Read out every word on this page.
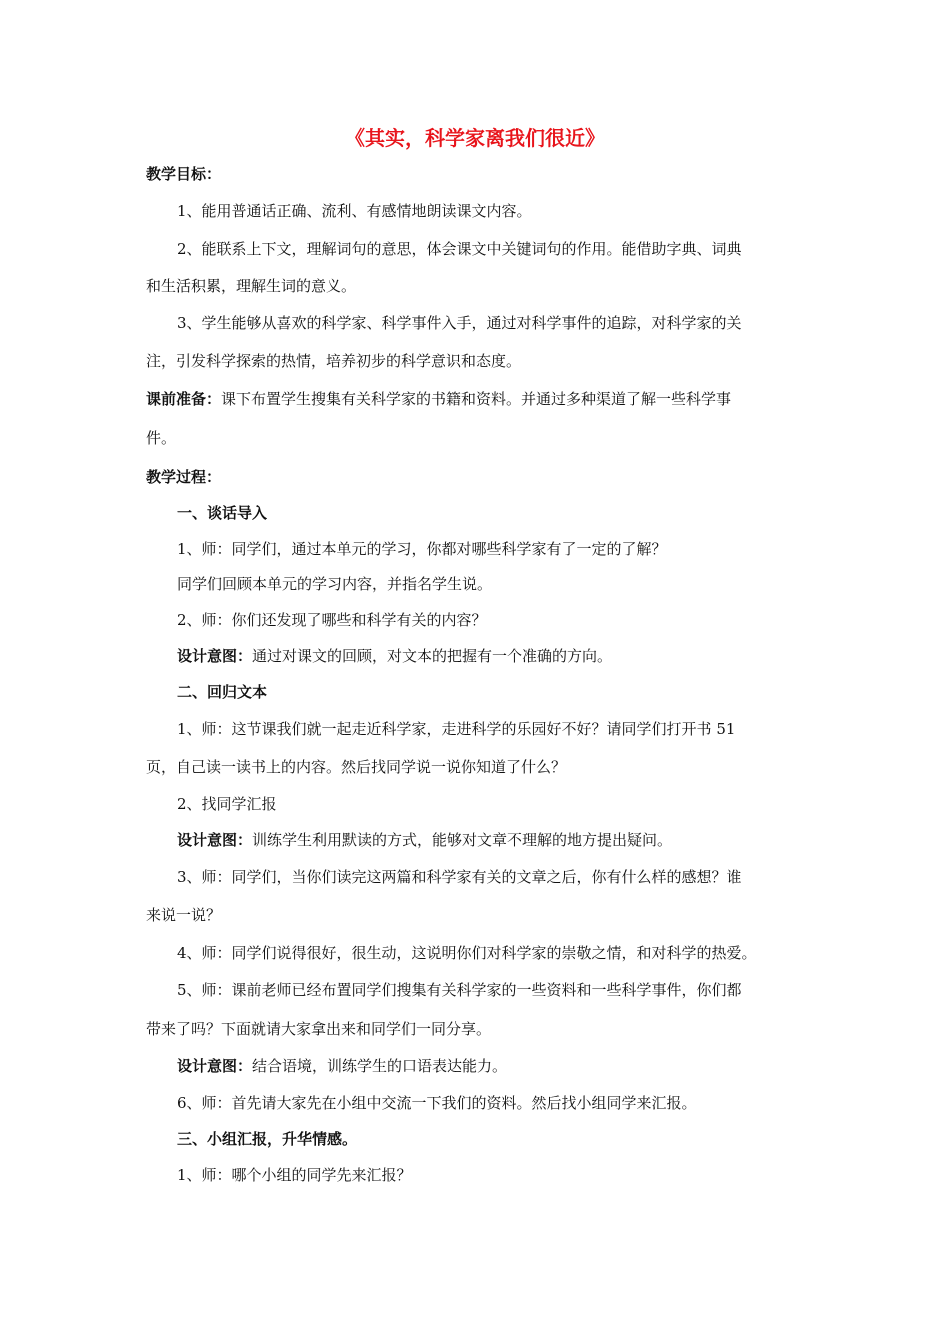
《其实，科学家离我们很近》
教学目标：
1、能用普通话正确、流利、有感情地朗读课文内容。
2、能联系上下文，理解词句的意思，体会课文中关键词句的作用。能借助字典、词典
和生活积累，理解生词的意义。
3、学生能够从喜欢的科学家、科学事件入手，通过对科学事件的追踪，对科学家的关
注，引发科学探索的热情，培养初步的科学意识和态度。
课前准备：课下布置学生搜集有关科学家的书籍和资料。并通过多种渠道了解一些科学事
件。
教学过程：
一、谈话导入
1、师：同学们，通过本单元的学习，你都对哪些科学家有了一定的了解？
同学们回顾本单元的学习内容，并指名学生说。
2、师：你们还发现了哪些和科学有关的内容？
设计意图：通过对课文的回顾，对文本的把握有一个准确的方向。
二、回归文本
1、师：这节课我们就一起走近科学家，走进科学的乐园好不好？请同学们打开书 51
页，自己读一读书上的内容。然后找同学说一说你知道了什么？
2、找同学汇报
设计意图：训练学生利用默读的方式，能够对文章不理解的地方提出疑问。
3、师：同学们，当你们读完这两篇和科学家有关的文章之后，你有什么样的感想？谁
来说一说？
4、师：同学们说得很好，很生动，这说明你们对科学家的崇敬之情，和对科学的热爱。
5、师：课前老师已经布置同学们搜集有关科学家的一些资料和一些科学事件，你们都
带来了吗？下面就请大家拿出来和同学们一同分享。
设计意图：结合语境，训练学生的口语表达能力。
6、师：首先请大家先在小组中交流一下我们的资料。然后找小组同学来汇报。
三、小组汇报，升华情感。
1、师：哪个小组的同学先来汇报？
